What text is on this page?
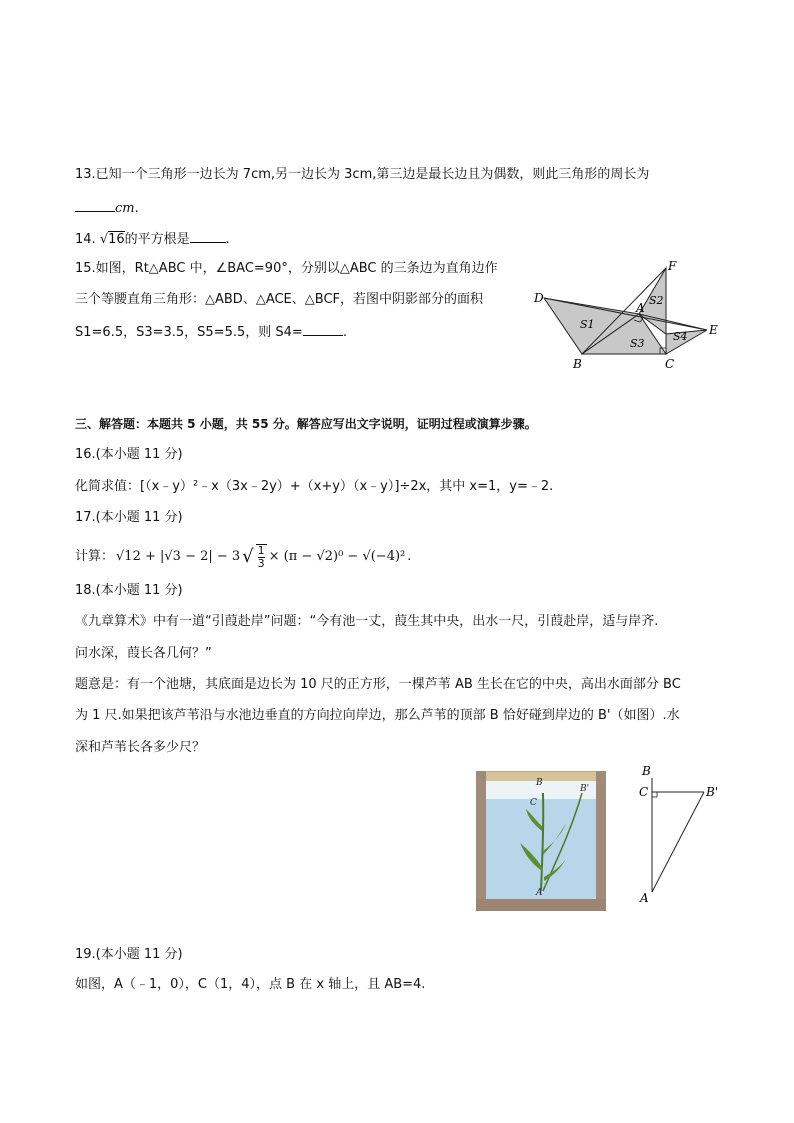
13.已知一个三角形一边长为 7cm,另一边长为 3cm,第三边是最长边且为偶数，则此三角形的周长为
cm.
14. √16的平方根是	.
15.如图，Rt△ABC 中，∠BAC=90°，分别以△ABC 的三条边为直角边作
三个等腰直角三角形：△ABD、△ACE、△BCF，若图中阴影部分的面积
S1=6.5，S3=3.5，S5=5.5，则 S4=	.
D
F
A
E
B	C
S1
S2
S3
S4
三、解答题：本题共 5 小题，共 55 分。解答应写出文字说明，证明过程或演算步骤。
16.(本小题 11 分)
化简求值：[（x﹣y）²﹣x（3x﹣2y）+（x+y）（x﹣y）]÷2x，其中 x=1，y=﹣2.
17.(本小题 11 分)
计算： √12 + |√3 − 2| − 3 √ $\frac{1}{3} \times (\pi - √2)^0 - √(-4)^2$ .
18.(本小题 11 分)
《九章算术》中有一道“引葭赴岸”问题：“今有池一丈，葭生其中央，出水一尺，引葭赴岸，适与岸齐.
问水深，葭长各几何？”
题意是：有一个池塘，其底面是边长为 10 尺的正方形，一棵芦苇 AB 生长在它的中央，高出水面部分 BC
为 1 尺.如果把该芦苇沿与水池边垂直的方向拉向岸边，那么芦苇的顶部 B 恰好碰到岸边的 B'（如图）.水
深和芦苇长各多少尺？
B
C
B'
A
B
C	B'
A
19.(本小题 11 分)
如图，A（﹣1，0），C（1，4），点 B 在 x 轴上，且 AB=4.
